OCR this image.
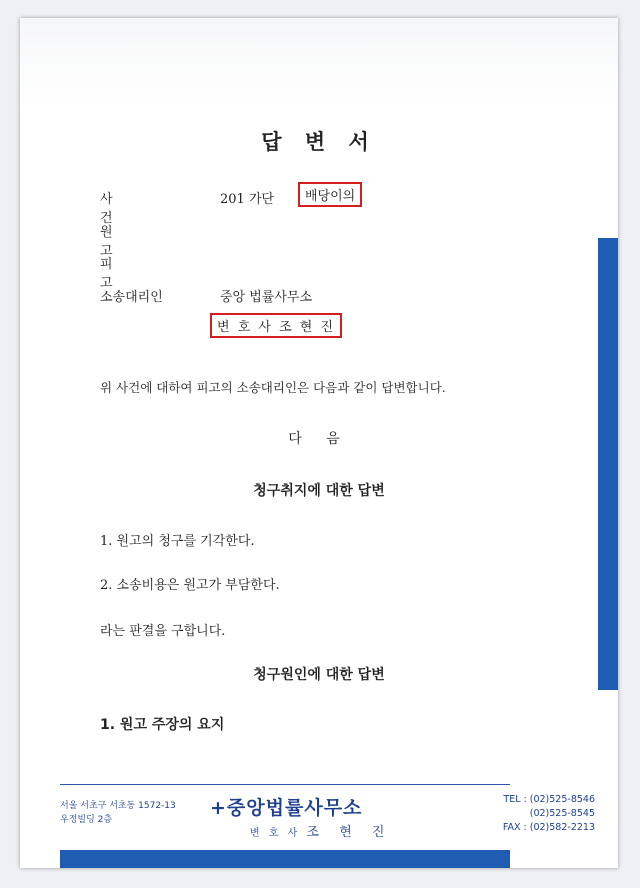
답 변 서
사 건
201 가단	배당이의
원 고
피 고
소송대리인	중앙 법률사무소
변 호 사 조 현 진
위 사건에 대하여 피고의 소송대리인은 다음과 같이 답변합니다.
다 음
청구취지에 대한 답변
1. 원고의 청구를 기각한다.
2. 소송비용은 원고가 부담한다.
라는 판결을 구합니다.
청구원인에 대한 답변
1. 원고 주장의 요지
서울 서초구 서초동 1572-13
우정빌딩 2층
+중앙법률사무소
변 호 사 조 현 진
TEL : (02)525-8546
(02)525-8545
FAX : (02)582-2213
